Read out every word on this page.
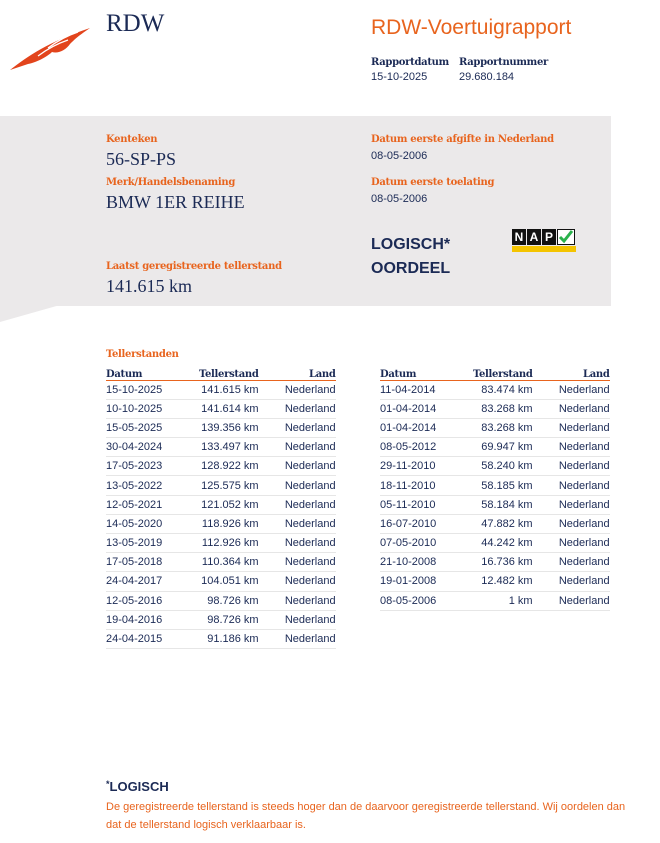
RDW	RDW-Voertuigrapport
Rapportdatum
15-10-2025
Rapportnummer
29.680.184
Kenteken
56-SP-PS
Merk/Handelsbenaming
BMW 1ER REIHE
Laatst geregistreerde tellerstand
141.615 km
Datum eerste afgifte in Nederland
08-05-2006
Datum eerste toelating
08-05-2006
LOGISCH*
OORDEEL
N A P
Tellerstanden
Datum	Tellerstand	Land
15-10-2025	141.615 km	Nederland
10-10-2025	141.614 km	Nederland
15-05-2025	139.356 km	Nederland
30-04-2024	133.497 km	Nederland
17-05-2023	128.922 km	Nederland
13-05-2022	125.575 km	Nederland
12-05-2021	121.052 km	Nederland
14-05-2020	118.926 km	Nederland
13-05-2019	112.926 km	Nederland
17-05-2018	110.364 km	Nederland
24-04-2017	104.051 km	Nederland
12-05-2016	98.726 km	Nederland
19-04-2016	98.726 km	Nederland
24-04-2015	91.186 km	Nederland
Datum	Tellerstand	Land
11-04-2014	83.474 km	Nederland
01-04-2014	83.268 km	Nederland
01-04-2014	83.268 km	Nederland
08-05-2012	69.947 km	Nederland
29-11-2010	58.240 km	Nederland
18-11-2010	58.185 km	Nederland
05-11-2010	58.184 km	Nederland
16-07-2010	47.882 km	Nederland
07-05-2010	44.242 km	Nederland
21-10-2008	16.736 km	Nederland
19-01-2008	12.482 km	Nederland
08-05-2006	1 km	Nederland
*LOGISCH
De geregistreerde tellerstand is steeds hoger dan de daarvoor geregistreerde tellerstand. Wij oordelen dan dat de tellerstand logisch verklaarbaar is.
